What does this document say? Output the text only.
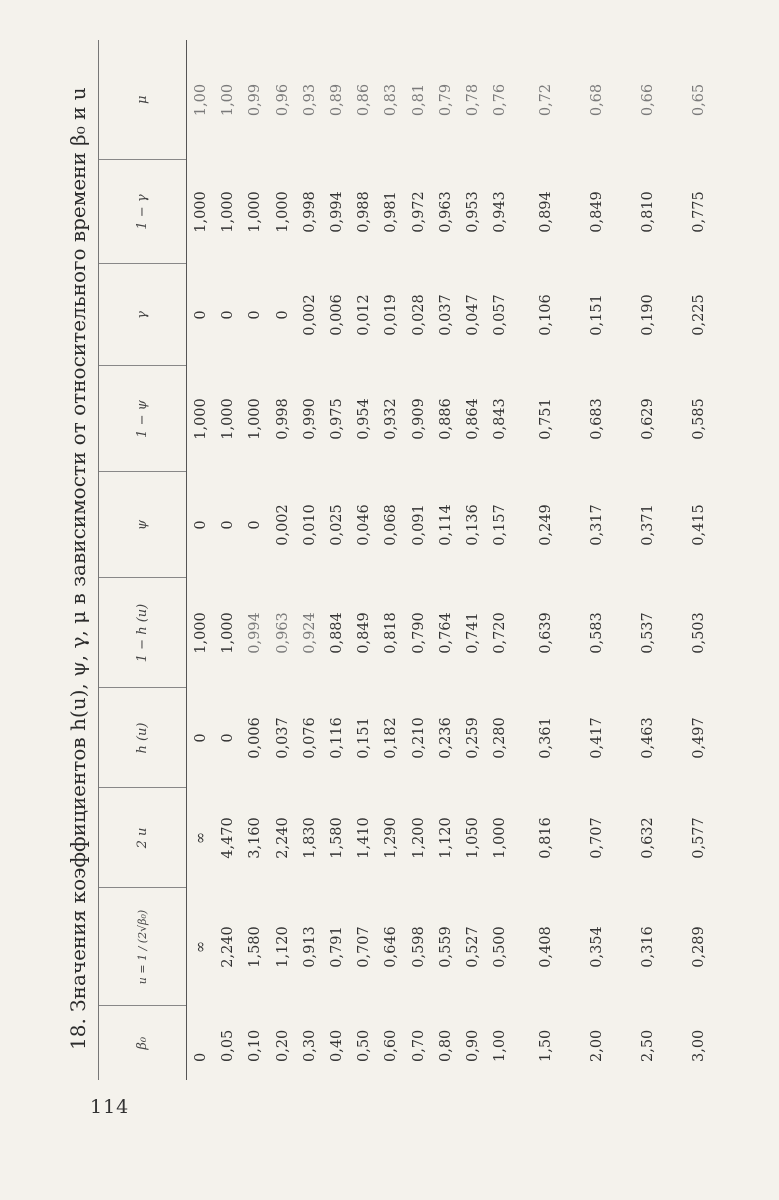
114
18. Значения коэффициентов h(u), ψ, γ, μ в зависимости от относительного времени β₀ и u	β₀	u = 1 / (2√β₀)	2 u	h (u)	1 − h (u)	ψ	1 − ψ	γ	1 − γ	μ
0	∞	∞	0	1,000	0	1,000	0	1,000	1,00
0,05	2,240	4,470	0	1,000	0	1,000	0	1,000	1,00
0,10	1,580	3,160	0,006	0,994	0	1,000	0	1,000	0,99
0,20	1,120	2,240	0,037	0,963	0,002	0,998	0	1,000	0,96
0,30	0,913	1,830	0,076	0,924	0,010	0,990	0,002	0,998	0,93
0,40	0,791	1,580	0,116	0,884	0,025	0,975	0,006	0,994	0,89
0,50	0,707	1,410	0,151	0,849	0,046	0,954	0,012	0,988	0,86
0,60	0,646	1,290	0,182	0,818	0,068	0,932	0,019	0,981	0,83
0,70	0,598	1,200	0,210	0,790	0,091	0,909	0,028	0,972	0,81
0,80	0,559	1,120	0,236	0,764	0,114	0,886	0,037	0,963	0,79
0,90	0,527	1,050	0,259	0,741	0,136	0,864	0,047	0,953	0,78
1,00	0,500	1,000	0,280	0,720	0,157	0,843	0,057	0,943	0,76
1,50	0,408	0,816	0,361	0,639	0,249	0,751	0,106	0,894	0,72
2,00	0,354	0,707	0,417	0,583	0,317	0,683	0,151	0,849	0,68
2,50	0,316	0,632	0,463	0,537	0,371	0,629	0,190	0,810	0,66
3,00	0,289	0,577	0,497	0,503	0,415	0,585	0,225	0,775	0,65
